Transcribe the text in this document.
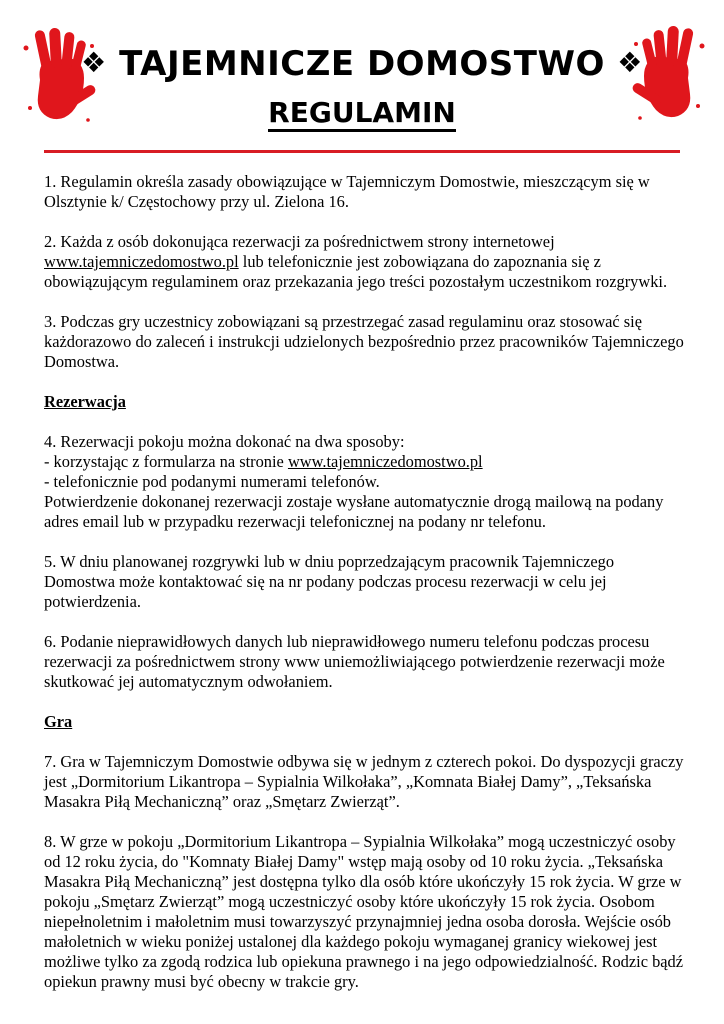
❖ TAJEMNICZE DOMOSTWO ❖
REGULAMIN

1. Regulamin określa zasady obowiązujące w Tajemniczym Domostwie, mieszczącym się w Olsztynie k/ Częstochowy przy ul. Zielona 16.

2. Każda z osób dokonująca rezerwacji za pośrednictwem strony internetowej www.tajemniczedomostwo.pl lub telefonicznie jest zobowiązana do zapoznania się z obowiązującym regulaminem oraz przekazania jego treści pozostałym uczestnikom rozgrywki.

3. Podczas gry uczestnicy zobowiązani są przestrzegać zasad regulaminu oraz stosować się każdorazowo do zaleceń i instrukcji udzielonych bezpośrednio przez pracowników Tajemniczego Domostwa.

Rezerwacja

4. Rezerwacji pokoju można dokonać na dwa sposoby:
- korzystając z formularza na stronie www.tajemniczedomostwo.pl
- telefonicznie pod podanymi numerami telefonów.
Potwierdzenie dokonanej rezerwacji zostaje wysłane automatycznie drogą mailową na podany adres email lub w przypadku rezerwacji telefonicznej na podany nr telefonu.

5. W dniu planowanej rozgrywki lub w dniu poprzedzającym pracownik Tajemniczego Domostwa może kontaktować się na nr podany podczas procesu rezerwacji w celu jej potwierdzenia.

6. Podanie nieprawidłowych danych lub nieprawidłowego numeru telefonu podczas procesu rezerwacji za pośrednictwem strony www uniemożliwiającego potwierdzenie rezerwacji może skutkować jej automatycznym odwołaniem.

Gra

7. Gra w Tajemniczym Domostwie odbywa się w jednym z czterech pokoi. Do dyspozycji graczy jest „Dormitorium Likantropa – Sypialnia Wilkołaka”, „Komnata Białej Damy”, „Teksańska Masakra Piłą Mechaniczną” oraz „Smętarz Zwierząt”.

8. W grze w pokoju „Dormitorium Likantropa – Sypialnia Wilkołaka” mogą uczestniczyć osoby od 12 roku życia, do "Komnaty Białej Damy" wstęp mają osoby od 10 roku życia. „Teksańska Masakra Piłą Mechaniczną” jest dostępna tylko dla osób które ukończyły 15 rok życia. W grze w pokoju „Smętarz Zwierząt” mogą uczestniczyć osoby które ukończyły 15 rok życia. Osobom niepełnoletnim i małoletnim musi towarzyszyć przynajmniej jedna osoba dorosła. Wejście osób małoletnich w wieku poniżej ustalonej dla każdego pokoju wymaganej granicy wiekowej jest możliwe tylko za zgodą rodzica lub opiekuna prawnego i na jego odpowiedzialność. Rodzic bądź opiekun prawny musi być obecny w trakcie gry.
